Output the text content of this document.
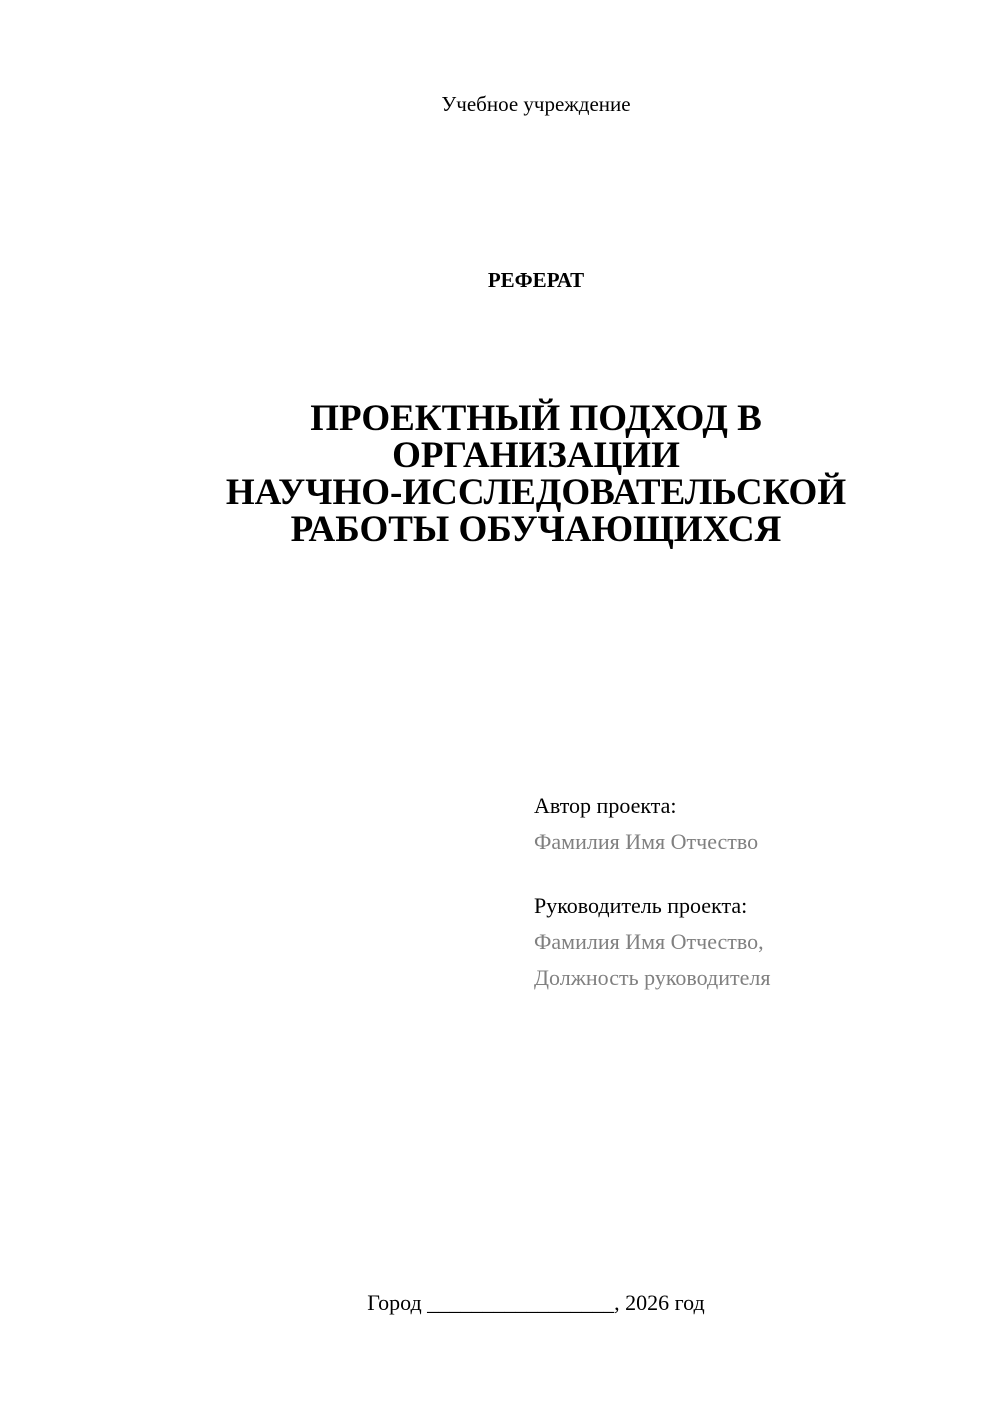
Учебное учреждение
РЕФЕРАТ
ПРОЕКТНЫЙ ПОДХОД В
ОРГАНИЗАЦИИ
НАУЧНО-ИССЛЕДОВАТЕЛЬСКОЙ
РАБОТЫ ОБУЧАЮЩИХСЯ
Автор проекта:
Фамилия Имя Отчество
Руководитель проекта:
Фамилия Имя Отчество,
Должность руководителя
Город _________________, 2026 год
